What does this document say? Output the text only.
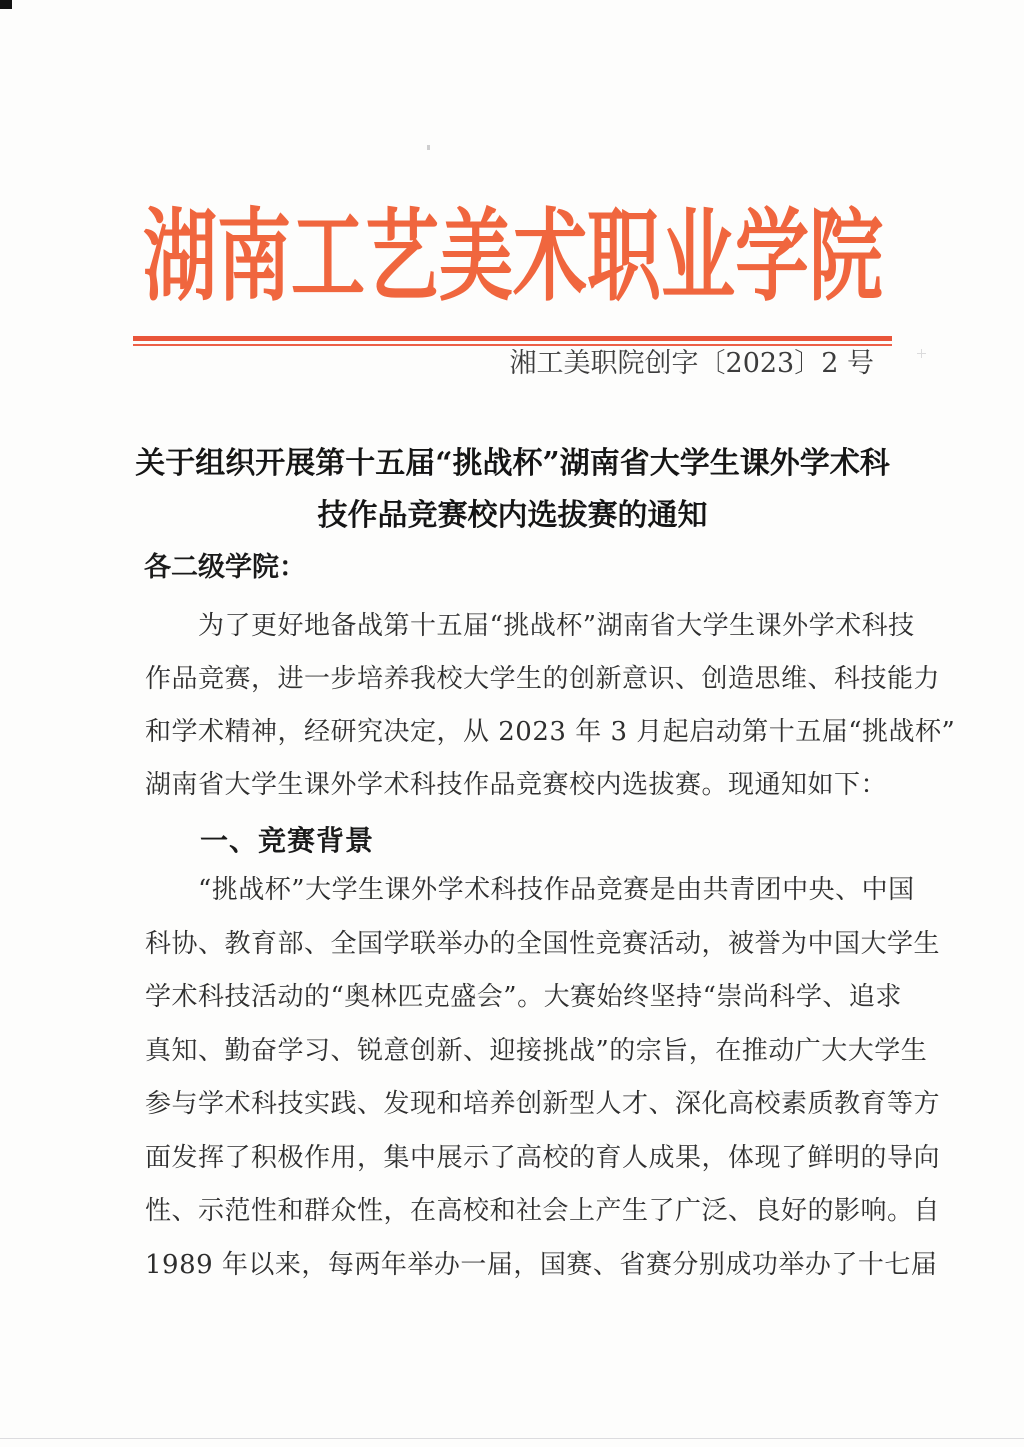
湖南工艺美术职业学院
湘工美职院创字〔2023〕2 号
关于组织开展第十五届“挑战杯”湖南省大学生课外学术科
技作品竞赛校内选拔赛的通知
各二级学院：
为了更好地备战第十五届“挑战杯”湖南省大学生课外学术科技
作品竞赛，进一步培养我校大学生的创新意识、创造思维、科技能力
和学术精神，经研究决定，从 2023 年 3 月起启动第十五届“挑战杯”
湖南省大学生课外学术科技作品竞赛校内选拔赛。现通知如下：
一、竞赛背景
“挑战杯”大学生课外学术科技作品竞赛是由共青团中央、中国
科协、教育部、全国学联举办的全国性竞赛活动，被誉为中国大学生
学术科技活动的“奥林匹克盛会”。大赛始终坚持“崇尚科学、追求
真知、勤奋学习、锐意创新、迎接挑战”的宗旨，在推动广大大学生
参与学术科技实践、发现和培养创新型人才、深化高校素质教育等方
面发挥了积极作用，集中展示了高校的育人成果，体现了鲜明的导向
性、示范性和群众性，在高校和社会上产生了广泛、良好的影响。自
1989 年以来，每两年举办一届，国赛、省赛分别成功举办了十七届
